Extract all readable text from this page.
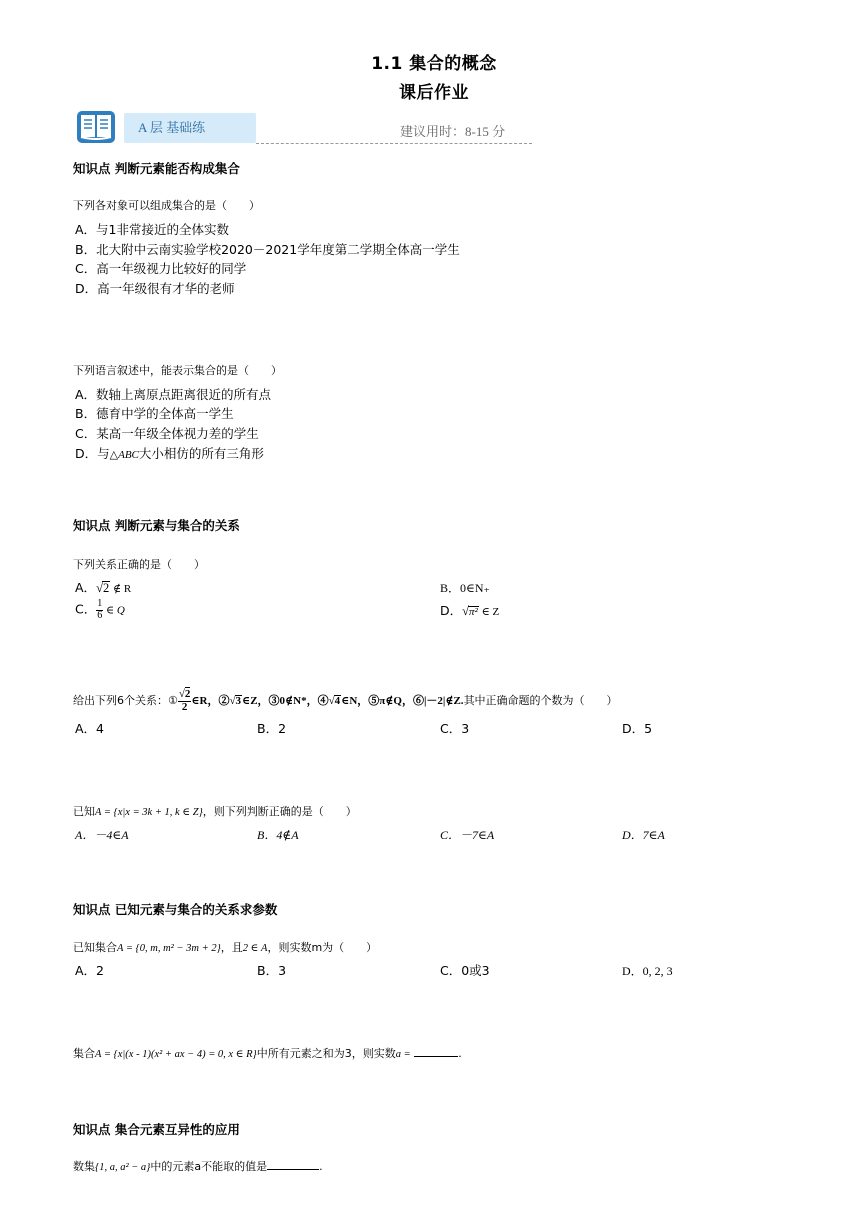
1.1 集合的概念
课后作业
A 层 基础练	建议用时：8-15 分
知识点 判断元素能否构成集合
下列各对象可以组成集合的是（　　）
A．与1非常接近的全体实数
B．北大附中云南实验学校2020－2021学年度第二学期全体高一学生
C．高一年级视力比较好的同学
D．高一年级很有才华的老师
下列语言叙述中，能表示集合的是（　　）
A．数轴上离原点距离很近的所有点
B．德育中学的全体高一学生
C．某高一年级全体视力差的学生
D．与△ABC大小相仿的所有三角形
知识点 判断元素与集合的关系
下列关系正确的是（　　）
A．√2 ∉ R	B．0∈N₊
C． $\frac{1}{6}$ ∈ Q	D．√π² ∈ Z
给出下列6个关系：① $\frac{√2}{2}$ ∈R，②√3∈Z，③0∉N*，④√4∈N，⑤π∉Q，⑥|－2|∉Z.其中正确命题的个数为（　　）
A．4	B．2	C．3	D．5
已知A = {x|x = 3k + 1, k ∈ Z}，则下列判断正确的是（　　）
A．－4∈A	B．4∉A	C．－7∈A	D．7∈A
知识点 已知元素与集合的关系求参数
已知集合A = {0, m, m² − 3m + 2}，且2 ∈ A，则实数m为（　　）
A．2	B．3	C．0或3	D．0, 2, 3
集合A = {x|(x - 1)(x² + ax − 4) = 0, x ∈ R}中所有元素之和为3，则实数a =	.
知识点 集合元素互异性的应用
数集{1, a, a² − a}中的元素a不能取的值是	.
